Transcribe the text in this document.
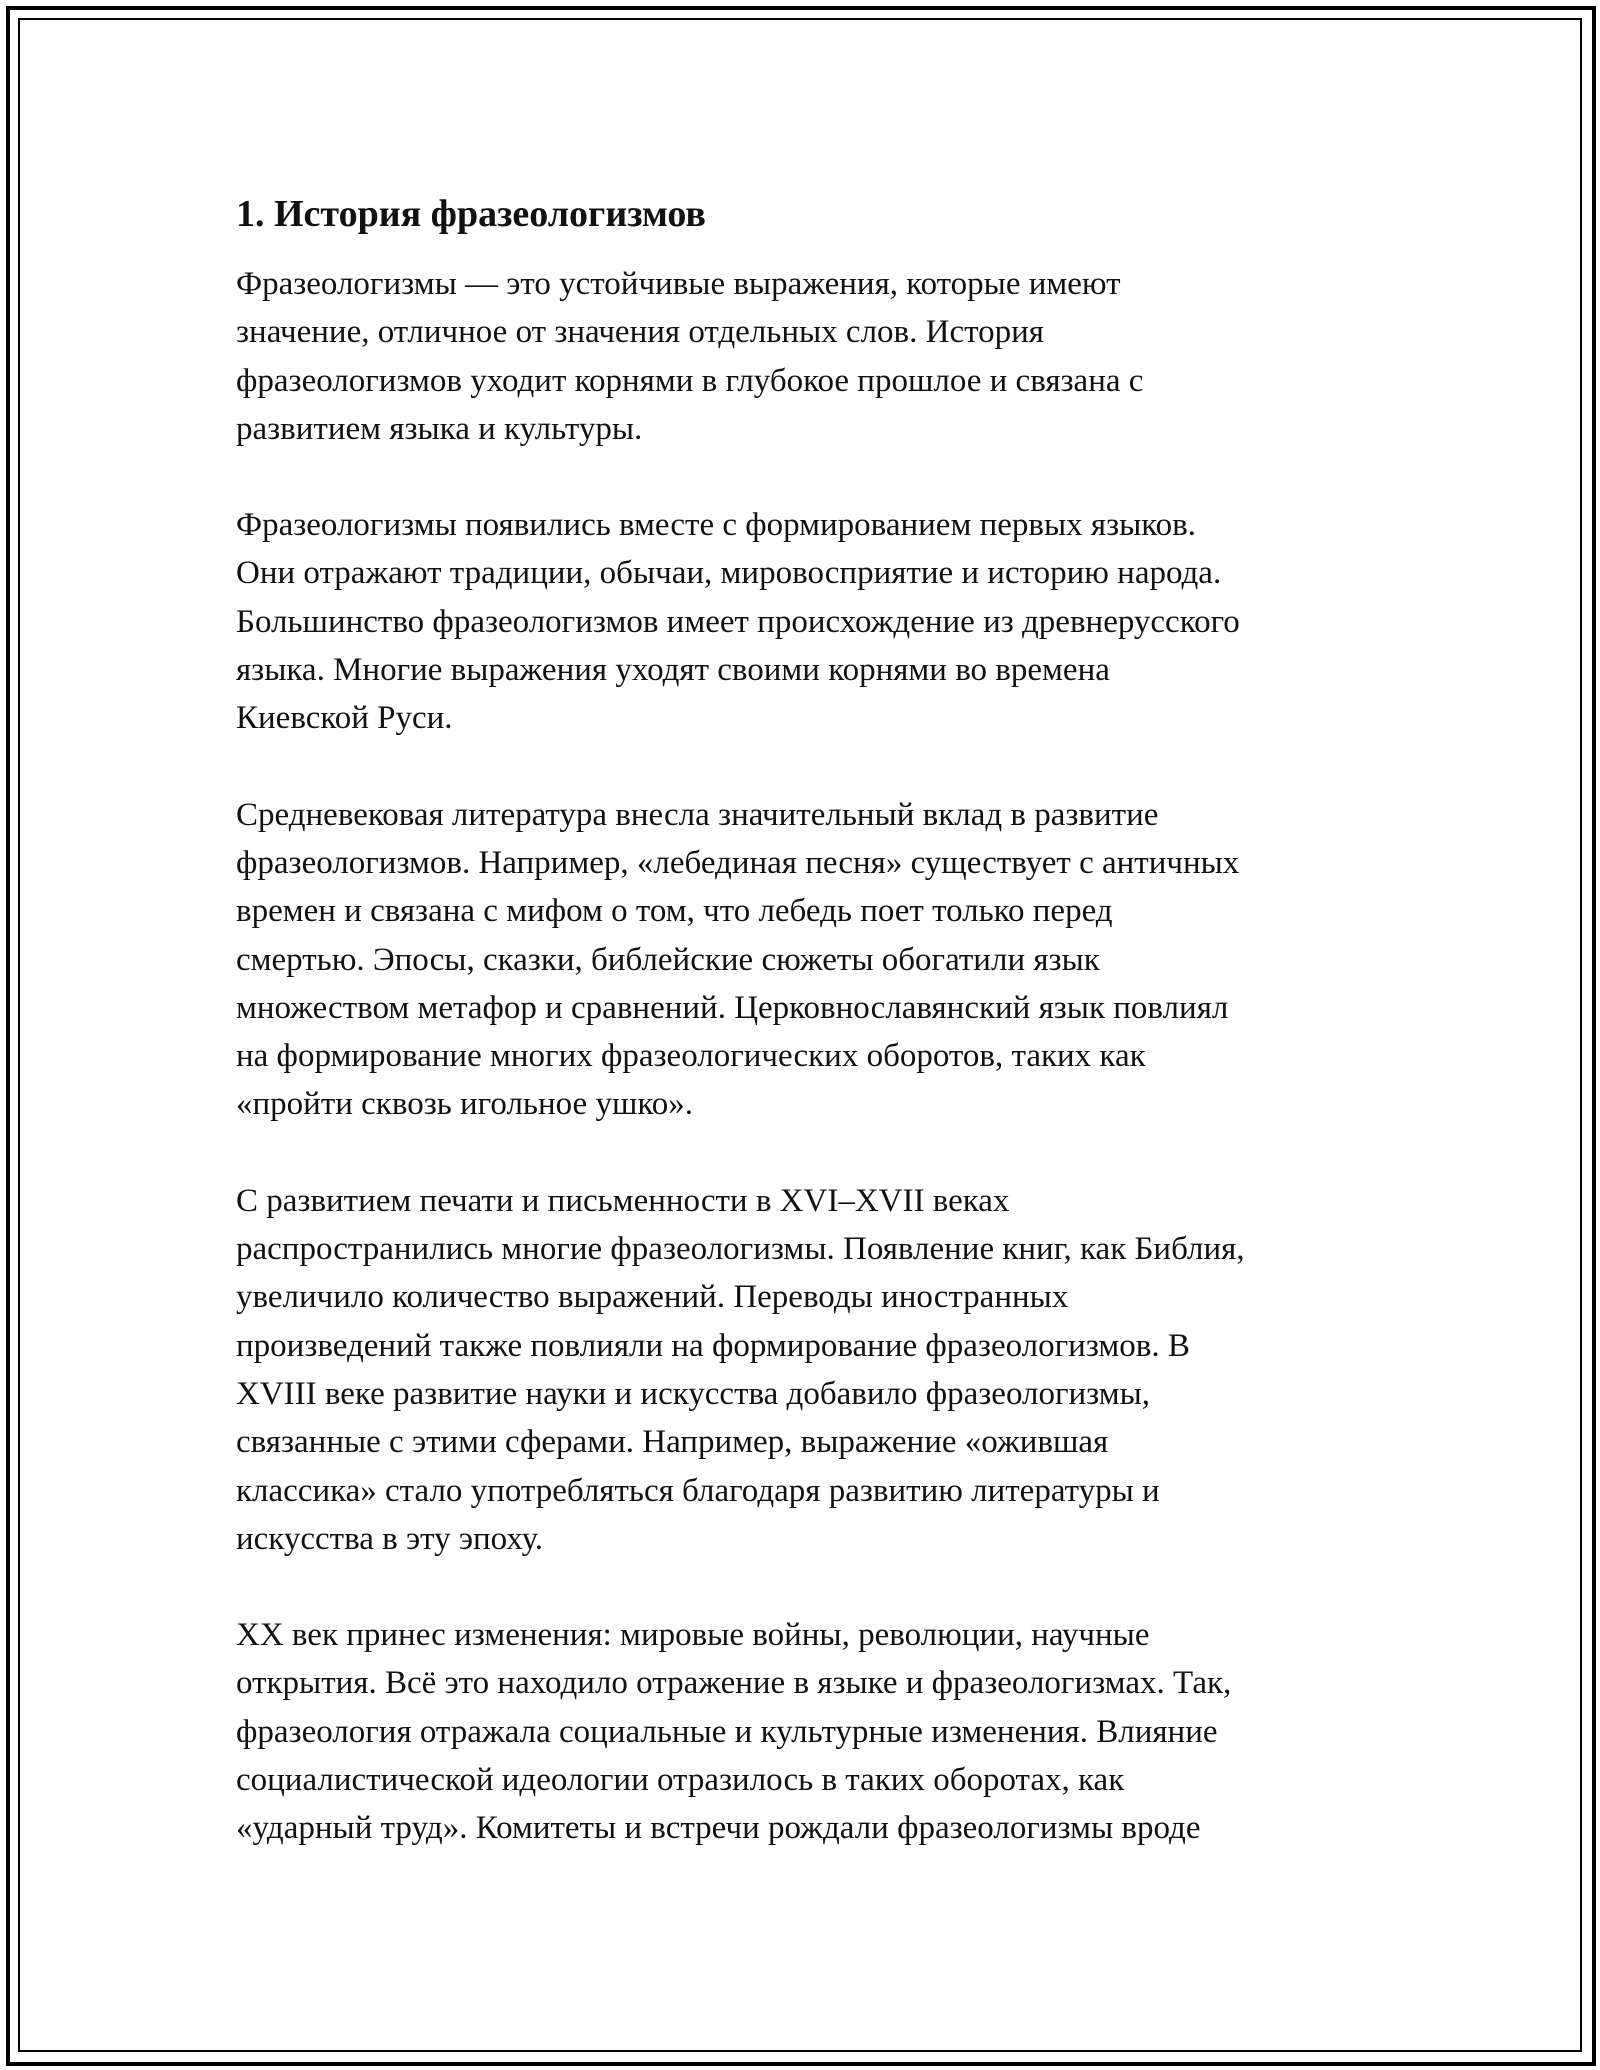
1. История фразеологизмов

Фразеологизмы — это устойчивые выражения, которые имеют
значение, отличное от значения отдельных слов. История
фразеологизмов уходит корнями в глубокое прошлое и связана с
развитием языка и культуры.

Фразеологизмы появились вместе с формированием первых языков.
Они отражают традиции, обычаи, мировосприятие и историю народа.
Большинство фразеологизмов имеет происхождение из древнерусского
языка. Многие выражения уходят своими корнями во времена
Киевской Руси.

Средневековая литература внесла значительный вклад в развитие
фразеологизмов. Например, «лебединая песня» существует с античных
времен и связана с мифом о том, что лебедь поет только перед
смертью. Эпосы, сказки, библейские сюжеты обогатили язык
множеством метафор и сравнений. Церковнославянский язык повлиял
на формирование многих фразеологических оборотов, таких как
«пройти сквозь игольное ушко».

С развитием печати и письменности в XVI–XVII веках
распространились многие фразеологизмы. Появление книг, как Библия,
увеличило количество выражений. Переводы иностранных
произведений также повлияли на формирование фразеологизмов. В
XVIII веке развитие науки и искусства добавило фразеологизмы,
связанные с этими сферами. Например, выражение «ожившая
классика» стало употребляться благодаря развитию литературы и
искусства в эту эпоху.

XX век принес изменения: мировые войны, революции, научные
открытия. Всё это находило отражение в языке и фразеологизмах. Так,
фразеология отражала социальные и культурные изменения. Влияние
социалистической идеологии отразилось в таких оборотах, как
«ударный труд». Комитеты и встречи рождали фразеологизмы вроде
